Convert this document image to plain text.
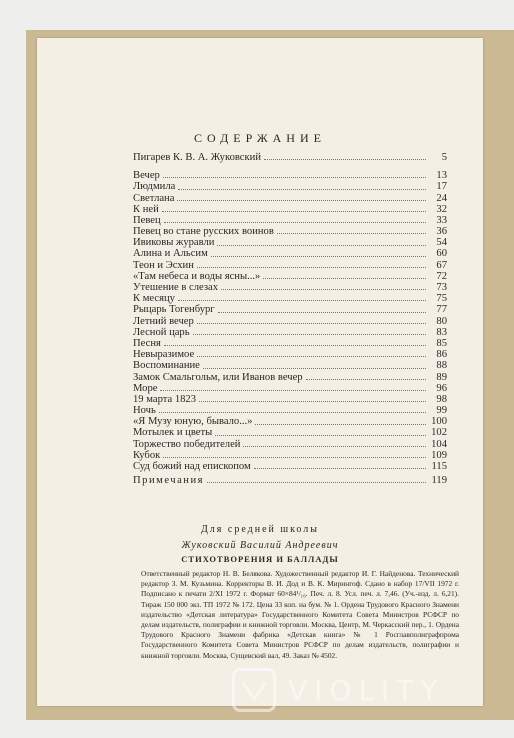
СОДЕРЖАНИЕ
Пигарев К. В. А. Жуковский	5
Вечер	13
Людмила	17
Светлана	24
К ней	32
Певец	33
Певец во стане русских воинов	36
Ивиковы журавли	54
Алина и Альсим	60
Теон и Эсхин	67
«Там небеса и воды ясны...»	72
Утешение в слезах	73
К месяцу	75
Рыцарь Тогенбург	77
Летний вечер	80
Лесной царь	83
Песня	85
Невыразимое	86
Воспоминание	88
Замок Смальгольм, или Иванов вечер	89
Море	96
19 марта 1823	98
Ночь	99
«Я Музу юную, бывало...»	100
Мотылек и цветы	102
Торжество победителей	104
Кубок	109
Суд божий над епископом	115
Примечания	119
Для средней школы
Жуковский Василий Андреевич
СТИХОТВОРЕНИЯ И БАЛЛАДЫ
Ответственный редактор Н. В. Белякова. Художественный редактор И. Г. Найденова. Технический редактор З. М. Кузьмина. Корректоры В. И. Дод и В. К. Мирингоф. Сдано в набор 17/VII 1972 г. Подписано к печати 2/XI 1972 г. Формат 60×84¹/₁₆. Печ. л. 8. Усл. печ. л. 7,46. (Уч.-изд. л. 6,21). Тираж 150 000 экз. ТП 1972 № 172. Цена 33 коп. на бум. № 1. Ордена Трудового Красного Знамени издательство «Детская литература» Государственного Комитета Совета Министров РСФСР по делам издательств, полиграфии и книжной торговли. Москва, Центр, М. Черкасский пер., 1. Ордена Трудового Красного Знамени фабрика «Детская книга» № 1 Росглавполиграфпрома Государственного Комитета Совета Министров РСФСР по делам издательств, полиграфии и книжной торговли. Москва, Сущевский вал, 49. Заказ № 4502.
VIOLITY
